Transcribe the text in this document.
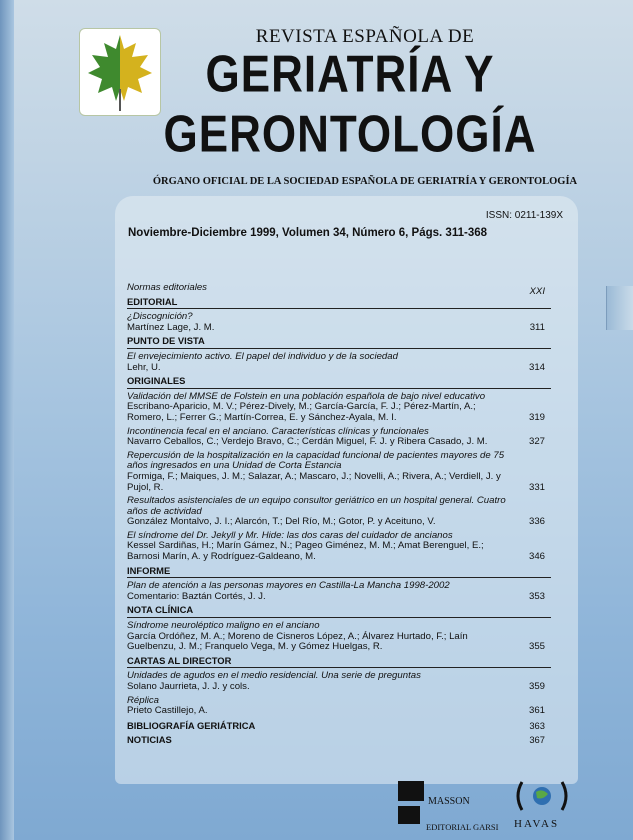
REVISTA ESPAÑOLA DE
GERIATRÍA Y
GERONTOLOGÍA
ÓRGANO OFICIAL DE LA SOCIEDAD ESPAÑOLA DE GERIATRÍA Y GERONTOLOGÍA
ISSN: 0211-139X
Noviembre-Diciembre 1999, Volumen 34, Número 6, Págs. 311-368
Normas editoriales	XXI
EDITORIAL
¿Discognición?
Martínez Lage, J. M.	311
PUNTO DE VISTA
El envejecimiento activo. El papel del individuo y de la sociedad
Lehr, U.	314
ORIGINALES
Validación del MMSE de Folstein en una población española de bajo nivel educativo
Escribano-Aparicio, M. V.; Pérez-Dively, M.; García-García, F. J.; Pérez-Martín, A.; Romero, L.; Ferrer G.; Martín-Correa, E. y Sánchez-Ayala, M. I.	319
Incontinencia fecal en el anciano. Características clínicas y funcionales
Navarro Ceballos, C.; Verdejo Bravo, C.; Cerdán Miguel, F. J. y Ribera Casado, J. M.	327
Repercusión de la hospitalización en la capacidad funcional de pacientes mayores de 75 años ingresados en una Unidad de Corta Estancia
Formiga, F.; Maiques, J. M.; Salazar, A.; Mascaro, J.; Novelli, A.; Rivera, A.; Verdiell, J. y Pujol, R.	331
Resultados asistenciales de un equipo consultor geriátrico en un hospital general. Cuatro años de actividad
González Montalvo, J. I.; Alarcón, T.; Del Río, M.; Gotor, P. y Aceituno, V.	336
El síndrome del Dr. Jekyll y Mr. Hide: las dos caras del cuidador de ancianos
Kessel Sardiñas, H.; Marín Gámez, N.; Pageo Giménez, M. M.; Amat Berenguel, E.; Barnosi Marín, A. y Rodríguez-Galdeano, M.	346
INFORME
Plan de atención a las personas mayores en Castilla-La Mancha 1998-2002
Comentario: Baztán Cortés, J. J.	353
NOTA CLÍNICA
Síndrome neuroléptico maligno en el anciano
García Ordóñez, M. A.; Moreno de Cisneros López, A.; Álvarez Hurtado, F.; Laín Guelbenzu, J. M.; Franquelo Vega, M. y Gómez Huelgas, R.	355
CARTAS AL DIRECTOR
Unidades de agudos en el medio residencial. Una serie de preguntas
Solano Jaurrieta, J. J. y cols.	359
Réplica
Prieto Castillejo, A.	361
BIBLIOGRAFÍA GERIÁTRICA	363
NOTICIAS	367
MASSON
EDITORIAL GARSI HAVAS
